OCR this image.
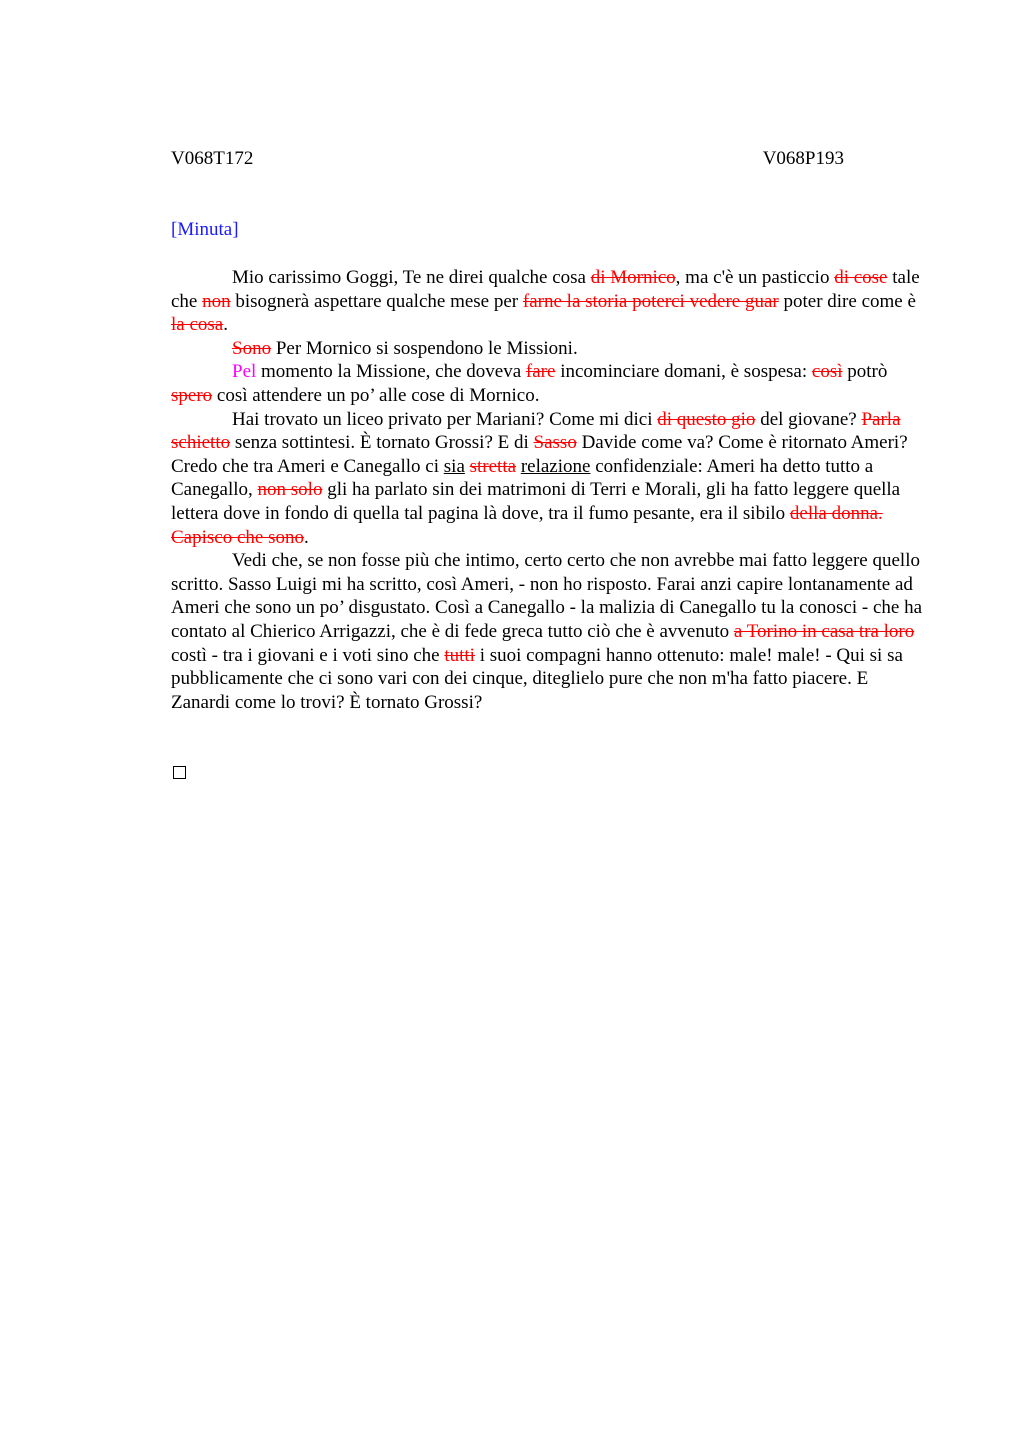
V068T172	V068P193
[Minuta]

Mio carissimo Goggi, Te ne direi qualche cosa di Mornico, ma c'è un pasticcio di cose tale che non bisognerà aspettare qualche mese per farne la storia poterci vedere guar poter dire come è la cosa.

Sono Per Mornico si sospendono le Missioni.

Pel momento la Missione, che doveva fare incominciare domani, è sospesa: così potrò spero così attendere un po’ alle cose di Mornico.

Hai trovato un liceo privato per Mariani? Come mi dici di questo gio del giovane? Parla schietto senza sottintesi. È tornato Grossi? E di Sasso Davide come va? Come è ritornato Ameri? Credo che tra Ameri e Canegallo ci sia stretta relazione confidenziale: Ameri ha detto tutto a Canegallo, non solo gli ha parlato sin dei matrimoni di Terri e Morali, gli ha fatto leggere quella lettera dove in fondo di quella tal pagina là dove, tra il fumo pesante, era il sibilo della donna. Capisco che sono.

Vedi che, se non fosse più che intimo, certo certo che non avrebbe mai fatto leggere quello scritto. Sasso Luigi mi ha scritto, così Ameri, - non ho risposto. Farai anzi capire lontanamente ad Ameri che sono un po’ disgustato. Così a Canegallo - la malizia di Canegallo tu la conosci - che ha contato al Chierico Arrigazzi, che è di fede greca tutto ciò che è avvenuto a Torino in casa tra loro costì - tra i giovani e i voti sino che tutti i suoi compagni hanno ottenuto: male! male! - Qui si sa pubblicamente che ci sono vari con dei cinque, diteglielo pure che non m'ha fatto piacere. E Zanardi come lo trovi? È tornato Grossi?
